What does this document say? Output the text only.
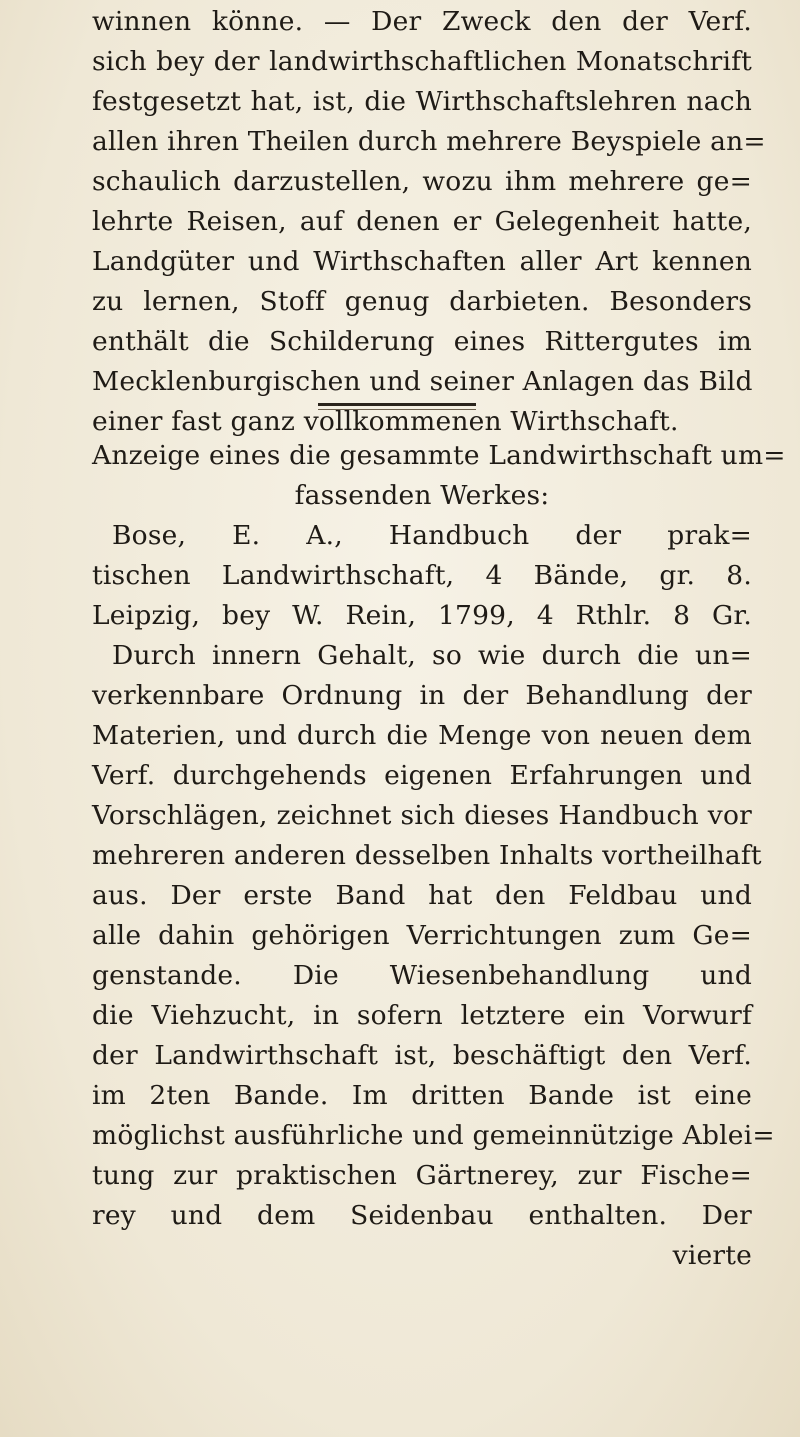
winnen könne. — Der Zweck den der Verf.
sich bey der landwirthschaftlichen Monatschrift
festgesetzt hat, ist, die Wirthschaftslehren nach
allen ihren Theilen durch mehrere Beyspiele an=
schaulich darzustellen, wozu ihm mehrere ge=
lehrte Reisen, auf denen er Gelegenheit hatte,
Landgüter und Wirthschaften aller Art kennen
zu lernen, Stoff genug darbieten. Besonders
enthält die Schilderung eines Rittergutes im
Mecklenburgischen und seiner Anlagen das Bild
einer fast ganz vollkommenen Wirthschaft.
Anzeige eines die gesammte Landwirthschaft um=
fassenden Werkes:
Bose, E. A., Handbuch der prak=
tischen Landwirthschaft, 4 Bände, gr. 8.
Leipzig, bey W. Rein, 1799, 4 Rthlr. 8 Gr.
Durch innern Gehalt, so wie durch die un=
verkennbare Ordnung in der Behandlung der
Materien, und durch die Menge von neuen dem
Verf. durchgehends eigenen Erfahrungen und
Vorschlägen, zeichnet sich dieses Handbuch vor
mehreren anderen desselben Inhalts vortheilhaft
aus. Der erste Band hat den Feldbau und
alle dahin gehörigen Verrichtungen zum Ge=
genstande. Die Wiesenbehandlung und
die Viehzucht, in sofern letztere ein Vorwurf
der Landwirthschaft ist, beschäftigt den Verf.
im 2ten Bande. Im dritten Bande ist eine
möglichst ausführliche und gemeinnützige Ablei=
tung zur praktischen Gärtnerey, zur Fische=
rey und dem Seidenbau enthalten. Der
vierte
